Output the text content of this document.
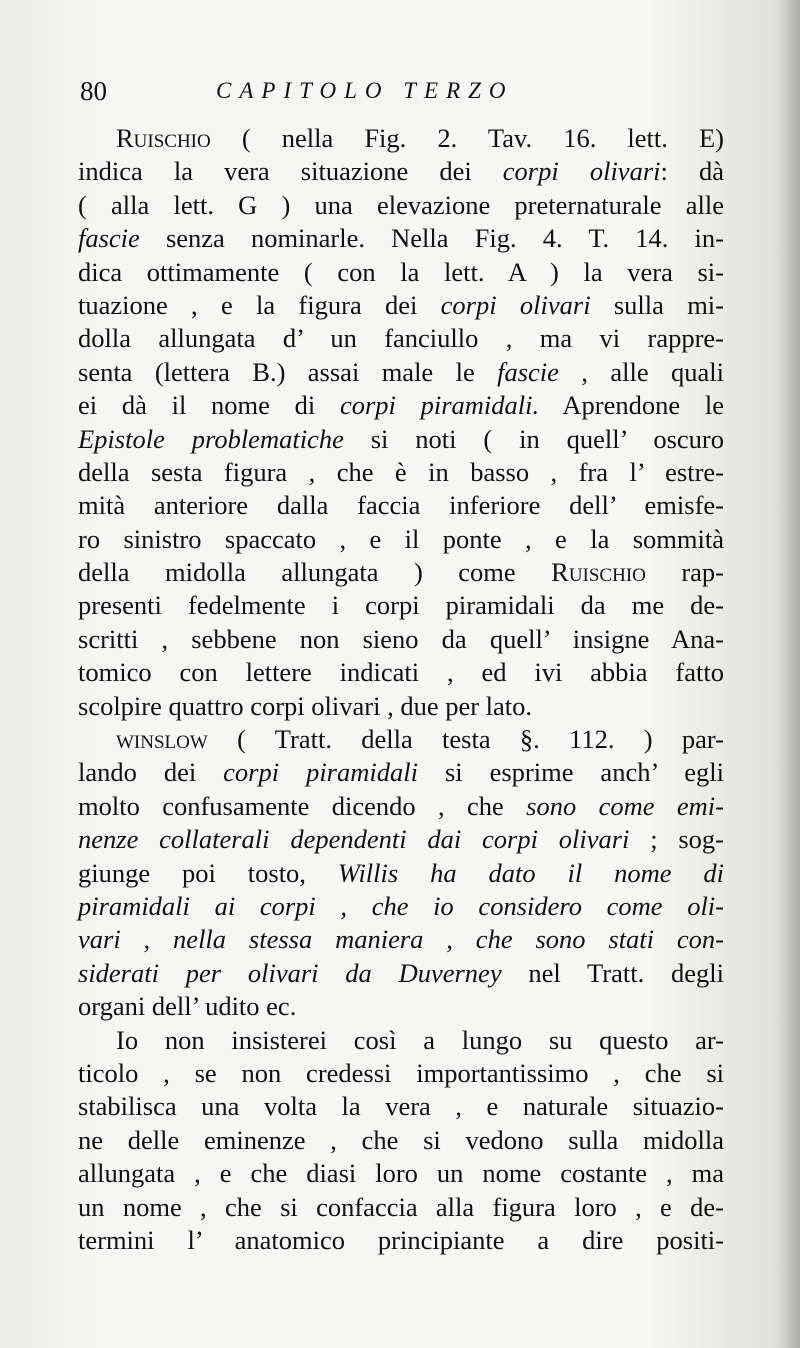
80	CAPITOLO TERZO
Ruischio ( nella Fig. 2. Tav. 16. lett. E)
indica la vera situazione dei corpi olivari: dà
( alla lett. G ) una elevazione preternaturale alle
fascie senza nominarle. Nella Fig. 4. T. 14. in-
dica ottimamente ( con la lett. A ) la vera si-
tuazione , e la figura dei corpi olivari sulla mi-
dolla allungata d’ un fanciullo , ma vi rappre-
senta (lettera B.) assai male le fascie , alle quali
ei dà il nome di corpi piramidali. Aprendone le
Epistole problematiche si noti ( in quell’ oscuro
della sesta figura , che è in basso , fra l’ estre-
mità anteriore dalla faccia inferiore dell’ emisfe-
ro sinistro spaccato , e il ponte , e la sommità
della midolla allungata ) come Ruischio rap-
presenti fedelmente i corpi piramidali da me de-
scritti , sebbene non sieno da quell’ insigne Ana-
tomico con lettere indicati , ed ivi abbia fatto
scolpire quattro corpi olivari , due per lato.
winslow ( Tratt. della testa §. 112. ) par-
lando dei corpi piramidali si esprime anch’ egli
molto confusamente dicendo , che sono come emi-
nenze collaterali dependenti dai corpi olivari ; sog-
giunge poi tosto, Willis ha dato il nome di
piramidali ai corpi , che io considero come oli-
vari , nella stessa maniera , che sono stati con-
siderati per olivari da Duverney nel Tratt. degli
organi dell’ udito ec.
Io non insisterei così a lungo su questo ar-
ticolo , se non credessi importantissimo , che si
stabilisca una volta la vera , e naturale situazio-
ne delle eminenze , che si vedono sulla midolla
allungata , e che diasi loro un nome costante , ma
un nome , che si confaccia alla figura loro , e de-
termini l’ anatomico principiante a dire positi-
